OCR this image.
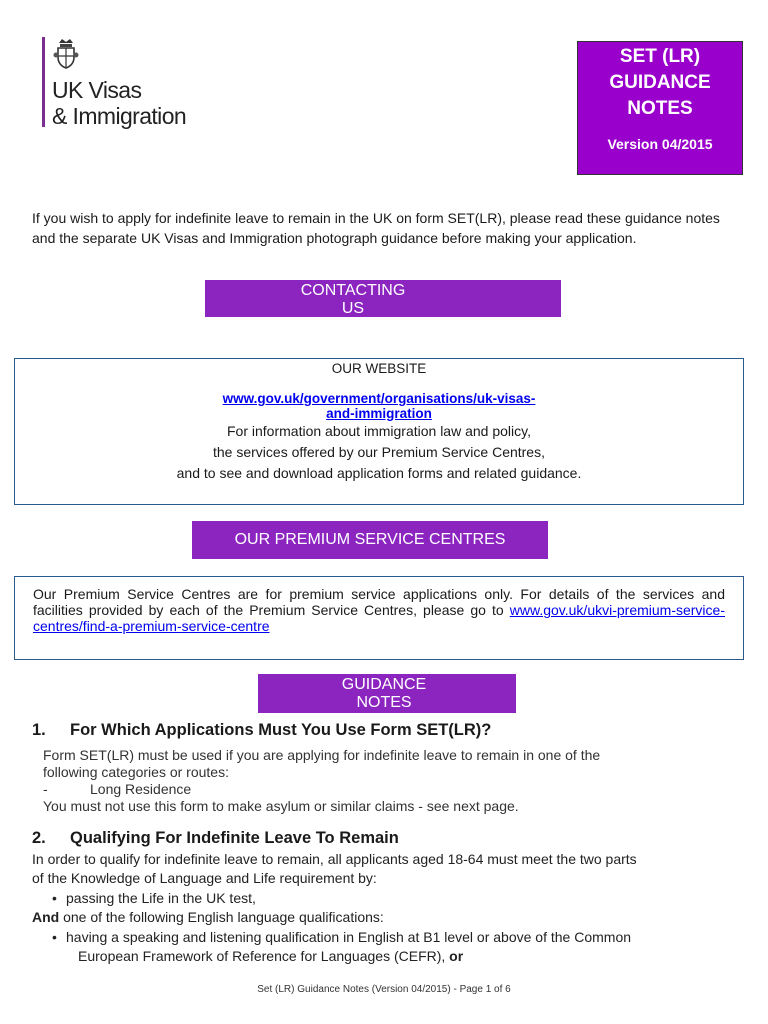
UK Visas
& Immigration
SET (LR)
GUIDANCE
NOTES
Version 04/2015
If you wish to apply for indefinite leave to remain in the UK on form SET(LR), please read these guidance notes and the separate UK Visas and Immigration photograph guidance before making your application.
CONTACTING
US
OUR WEBSITE
www.gov.uk/government/organisations/uk-visas-
and-immigration
For information about immigration law and policy,
the services offered by our Premium Service Centres,
and to see and download application forms and related guidance.
OUR PREMIUM SERVICE CENTRES
Our Premium Service Centres are for premium service applications only. For details of the services and facilities provided by each of the Premium Service Centres, please go to www.gov.uk/ukvi-premium-service-centres/find-a-premium-service-centre
GUIDANCE
NOTES
1. For Which Applications Must You Use Form SET(LR)?
Form SET(LR) must be used if you are applying for indefinite leave to remain in one of the
following categories or routes:
-	Long Residence
You must not use this form to make asylum or similar claims - see next page.
2. Qualifying For Indefinite Leave To Remain
In order to qualify for indefinite leave to remain, all applicants aged 18-64 must meet the two parts
of the Knowledge of Language and Life requirement by:
• passing the Life in the UK test,
And one of the following English language qualifications:
• having a speaking and listening qualification in English at B1 level or above of the Common
European Framework of Reference for Languages (CEFR), or
Set (LR) Guidance Notes (Version 04/2015) - Page 1 of 6
